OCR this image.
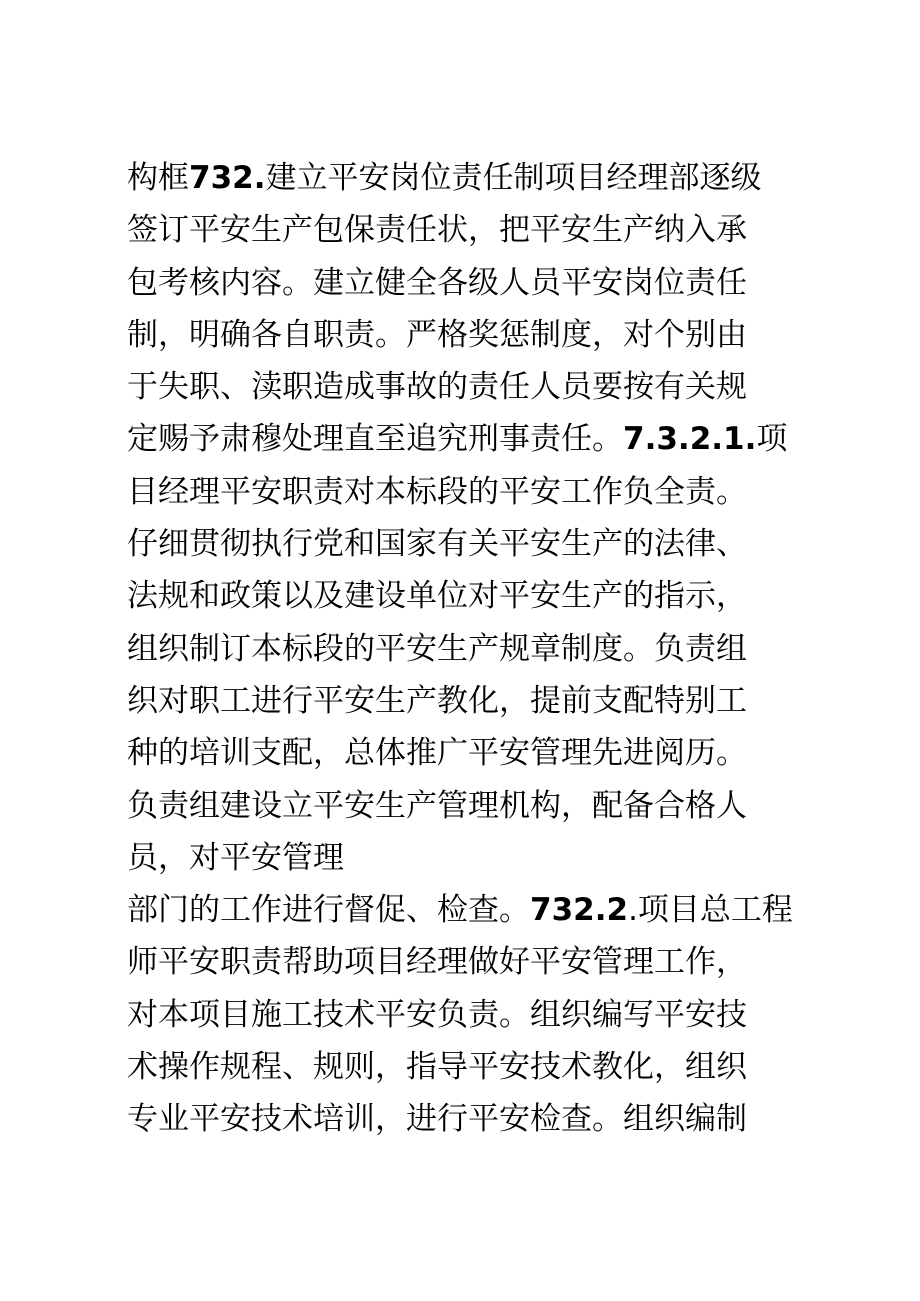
构框732.建立平安岗位责任制项目经理部逐级
签订平安生产包保责任状，把平安生产纳入承
包考核内容。建立健全各级人员平安岗位责任
制，明确各自职责。严格奖惩制度，对个别由
于失职、渎职造成事故的责任人员要按有关规
定赐予肃穆处理直至追究刑事责任。7.3.2.1.项
目经理平安职责对本标段的平安工作负全责。
仔细贯彻执行党和国家有关平安生产的法律、
法规和政策以及建设单位对平安生产的指示，
组织制订本标段的平安生产规章制度。负责组
织对职工进行平安生产教化，提前支配特别工
种的培训支配，总体推广平安管理先进阅历。
负责组建设立平安生产管理机构，配备合格人
员，对平安管理
部门的工作进行督促、检查。732.2.项目总工程
师平安职责帮助项目经理做好平安管理工作，
对本项目施工技术平安负责。组织编写平安技
术操作规程、规则，指导平安技术教化，组织
专业平安技术培训，进行平安检查。组织编制
